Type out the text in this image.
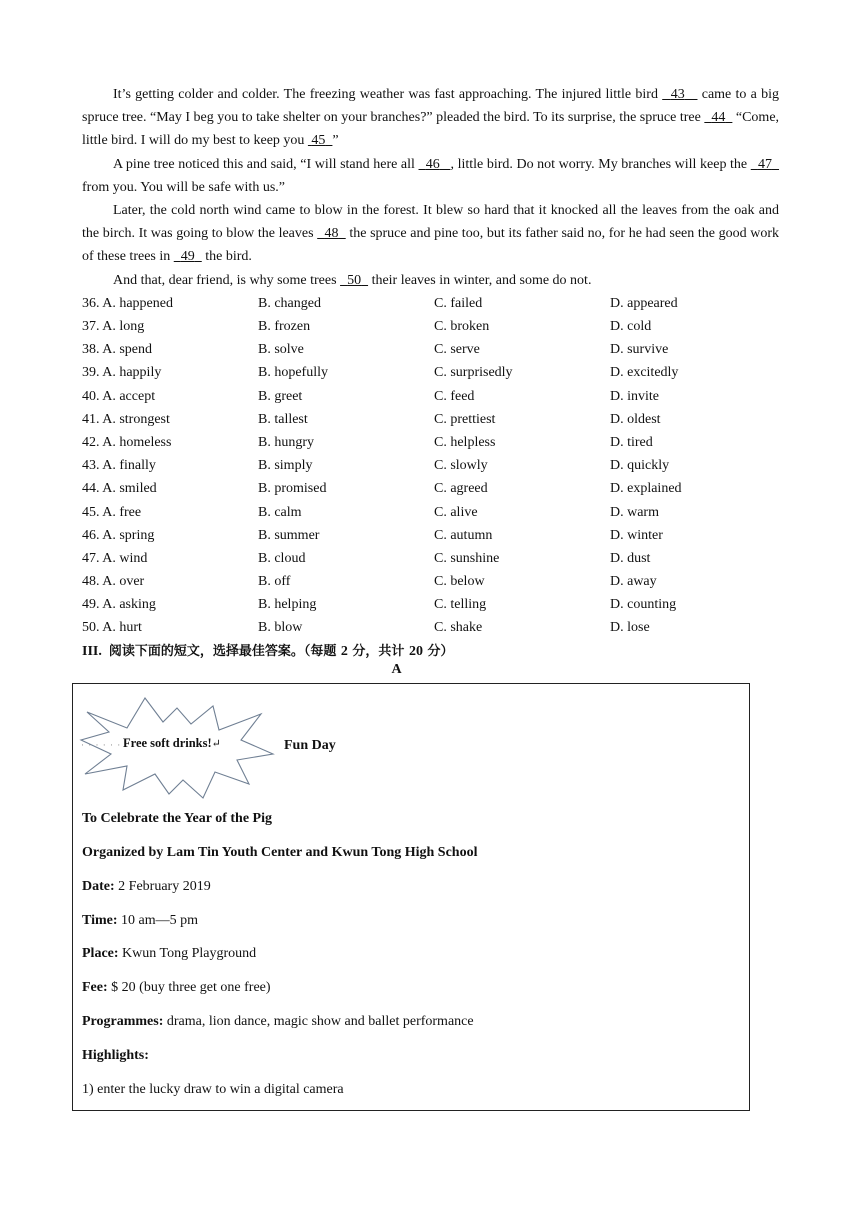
It’s getting colder and colder. The freezing weather was fast approaching. The injured little bird   43    came to a big spruce tree. “May I beg you to take shelter on your branches?” pleaded the bird. To its surprise, the spruce tree   44   “Come, little bird. I will do my best to keep you  45 ”

A pine tree noticed this and said, “I will stand here all   46 , little bird. Do not worry. My branches will keep the   47   from you. You will be safe with us.”

Later, the cold north wind came to blow in the forest. It blew so hard that it knocked all the leaves from the oak and the birch. It was going to blow the leaves   48   the spruce and pine too, but its father said no, for he had seen the good work of these trees in   49   the bird.

And that, dear friend, is why some trees   50   their leaves in winter, and some do not.

36. A. happened	B. changed	C. failed	D. appeared
37. A. long	B. frozen	C. broken	D. cold
38. A. spend	B. solve	C. serve	D. survive
39. A. happily	B. hopefully	C. surprisedly	D. excitedly
40. A. accept	B. greet	C. feed	D. invite
41. A. strongest	B. tallest	C. prettiest	D. oldest
42. A. homeless	B. hungry	C. helpless	D. tired
43. A. finally	B. simply	C. slowly	D. quickly
44. A. smiled	B. promised	C. agreed	D. explained
45. A. free	B. calm	C. alive	D. warm
46. A. spring	B. summer	C. autumn	D. winter
47. A. wind	B. cloud	C. sunshine	D. dust
48. A. over	B. off	C. below	D. away
49. A. asking	B. helping	C. telling	D. counting
50. A. hurt	B. blow	C. shake	D. lose
III. 阅读下面的短文，选择最佳答案。（每题 2 分，共计 20 分）
A
· · · · · · Free soft drinks!↵	Fun Day
To Celebrate the Year of the Pig
Organized by Lam Tin Youth Center and Kwun Tong High School
Date: 2 February 2019
Time: 10 am—5 pm
Place: Kwun Tong Playground
Fee: $ 20 (buy three get one free)
Programmes: drama, lion dance, magic show and ballet performance
Highlights:
1) enter the lucky draw to win a digital camera
